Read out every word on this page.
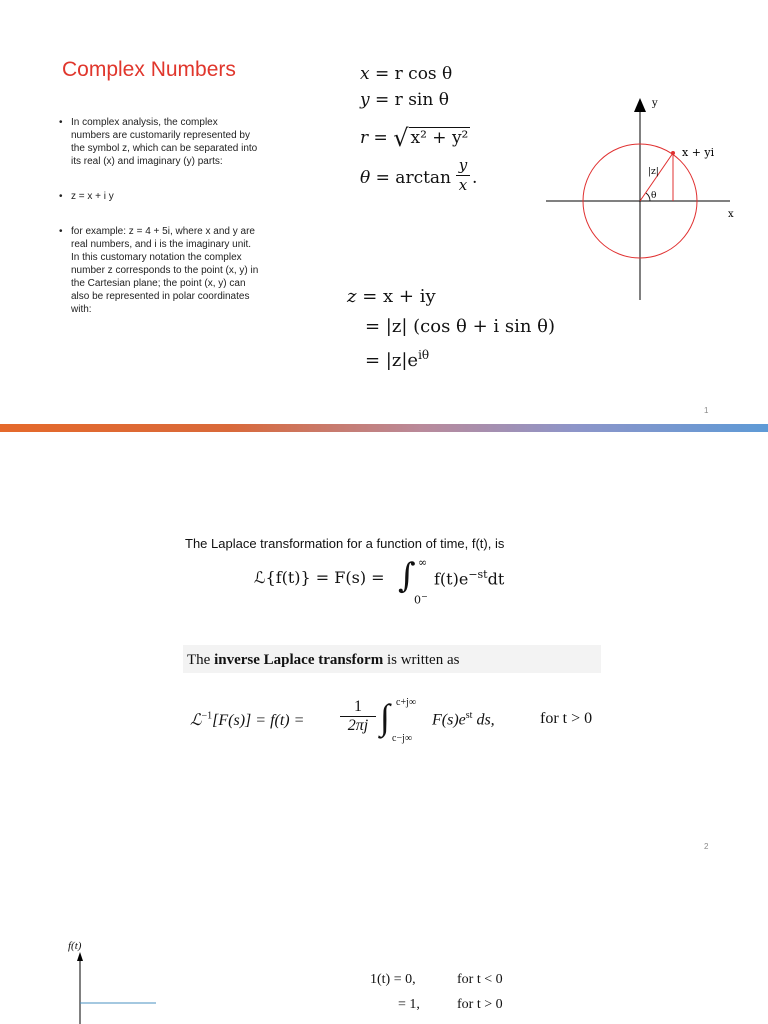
Complex Numbers
• In complex analysis, the complex numbers are customarily represented by the symbol z, which can be separated into its real (x) and imaginary (y) parts:
• z = x + i y
• for example: z = 4 + 5i, where x and y are real numbers, and i is the imaginary unit. In this customary notation the complex number z corresponds to the point (x, y) in the Cartesian plane; the point (x, y) can also be represented in polar coordinates with:
x = r cos θ
y = r sin θ
r = √ x² + y²
θ = arctan
y
x .
z = x + iy
= |z| (cos θ + i sin θ)
= $|z|e^{i\theta}$
y
x
x + yi
|z|
θ
1
The Laplace transformation for a function of time, f(t), is
ℒ{f(t)} = F(s) = ∫ ∞
0−
$f(t)e^{-st}dt$
The inverse Laplace transform is written as
ℒ$^{-1}$[F(s)] = f(t) =
1
2πj ∫ c+j∞
c−j∞
$F(s)e^{st}$ ds,	for t > 0
2
f(t)
1(t) = 0,	for t < 0
= 1,	for t > 0
